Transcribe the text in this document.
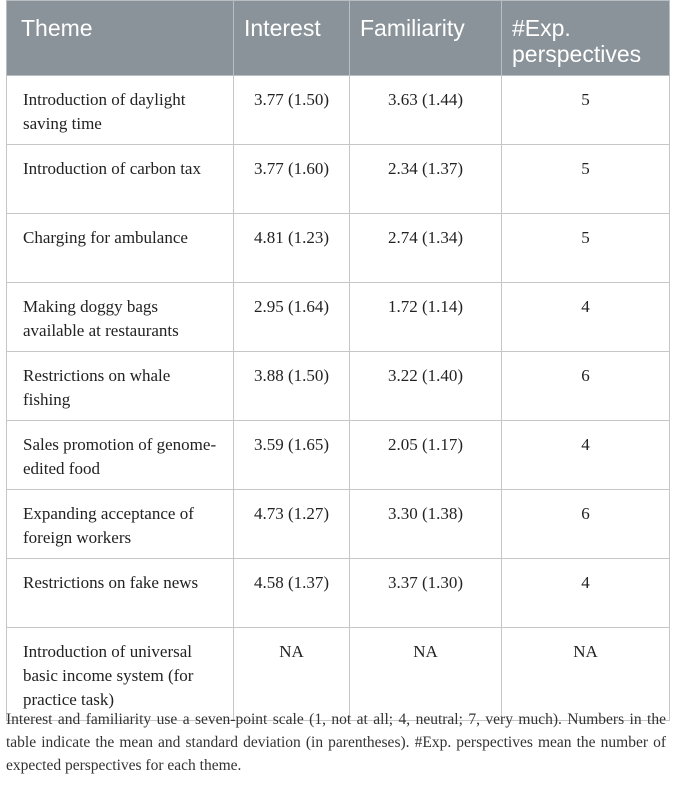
Theme	Interest	Familiarity	#Exp. perspectives
Introduction of daylight saving time	3.77 (1.50)	3.63 (1.44)	5
Introduction of carbon tax	3.77 (1.60)	2.34 (1.37)	5
Charging for ambulance	4.81 (1.23)	2.74 (1.34)	5
Making doggy bags available at restaurants	2.95 (1.64)	1.72 (1.14)	4
Restrictions on whale fishing	3.88 (1.50)	3.22 (1.40)	6
Sales promotion of genome-edited food	3.59 (1.65)	2.05 (1.17)	4
Expanding acceptance of foreign workers	4.73 (1.27)	3.30 (1.38)	6
Restrictions on fake news	4.58 (1.37)	3.37 (1.30)	4
Introduction of universal basic income system (for practice task)	NA	NA	NA
Interest and familiarity use a seven-point scale (1, not at all; 4, neutral; 7, very much). Numbers in the table indicate the mean and standard deviation (in parentheses). #Exp. perspectives mean the number of expected perspectives for each theme.
